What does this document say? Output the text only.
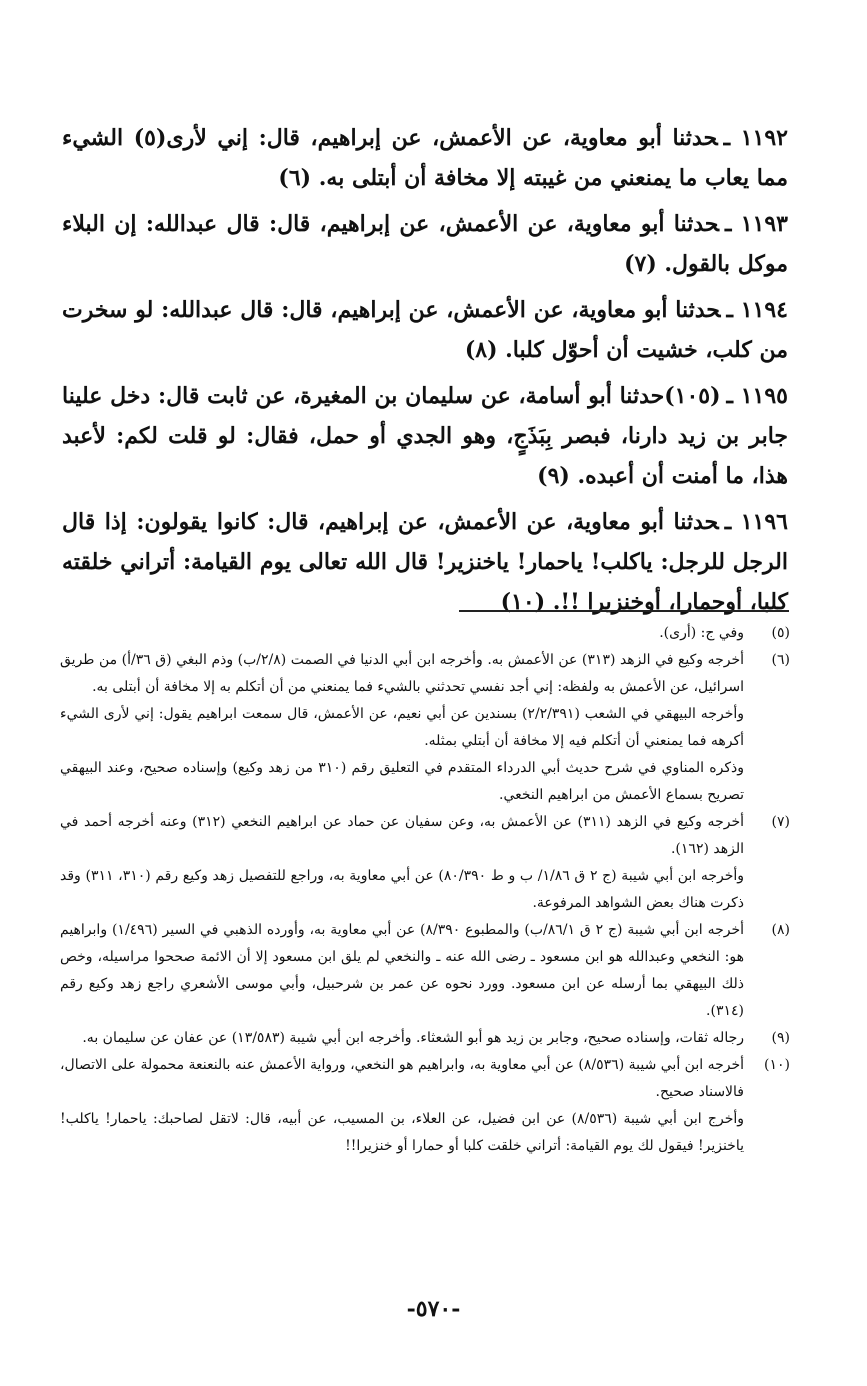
١١٩٢ ـحدثنا أبو معاوية، عن الأعمش، عن إبراهيم، قال: إني لأرى(٥) الشيء مما يعاب ما يمنعني من غيبته إلا مخافة أن أبتلى به. (٦)

١١٩٣ ـحدثنا أبو معاوية، عن الأعمش، عن إبراهيم، قال: قال عبدالله: إن البلاء موكل بالقول. (٧)

١١٩٤ ـحدثنا أبو معاوية، عن الأعمش، عن إبراهيم، قال: قال عبدالله: لو سخرت من كلب، خشيت أن أحوّل كلبا. (٨)

١١٩٥ ـ(١٠٥)حدثنا أبو أسامة، عن سليمان بن المغيرة، عن ثابت قال: دخل علينا جابر بن زيد دارنا، فبصر بِبَذَجٍ، وهو الجدي أو حمل، فقال: لو قلت لكم: لأعبد هذا، ما أمنت أن أعبده. (٩)

١١٩٦ ـحدثنا أبو معاوية، عن الأعمش، عن إبراهيم، قال: كانوا يقولون: إذا قال الرجل للرجل: ياكلب! ياحمار! ياخنزير! قال الله تعالى يوم القيامة: أتراني خلقته كلبا، أوحمارا، أوخنزيرا !!. (١٠)

(٥)

وفي ج: (أرى).

(٦)

أخرجه وكيع في الزهد (٣١٣) عن الأعمش به. وأخرجه ابن أبي الدنيا في الصمت (٢/٨/ب) وذم البغي (ق ٣٦/أ) من طريق اسرائيل، عن الأعمش به ولفظه: إني أجد نفسي تحدثني بالشيء فما يمنعني من أن أتكلم به إلا مخافة أن أبتلى به.

وأخرجه البيهقي في الشعب (٢/٢/٣٩١) بسندين عن أبي نعيم، عن الأعمش، قال سمعت ابراهيم يقول: إني لأرى الشيء أكرهه فما يمنعني أن أتكلم فيه إلا مخافة أن أبتلي بمثله.

وذكره المناوي في شرح حديث أبي الدرداء المتقدم في التعليق رقم (٣١٠ من زهد وكيع) وإسناده صحيح، وعند البيهقي تصريح بسماع الأعمش من ابراهيم النخعي.

(٧)

أخرجه وكيع في الزهد (٣١١) عن الأعمش به، وعن سفيان عن حماد عن ابراهيم النخعي (٣١٢) وعنه أخرجه أحمد في الزهد (١٦٢).

وأخرجه ابن أبي شيبة (ج ٢ ق ١/٨٦/ ب و ط ٨٠/٣٩٠) عن أبي معاوية به، وراجع للتفصيل زهد وكيع رقم (٣١٠، ٣١١) وقد ذكرت هناك بعض الشواهد المرفوعة.

(٨)

أخرجه ابن أبي شيبة (ج ٢ ق ٨٦/١/ب) والمطبوع ٨/٣٩٠) عن أبي معاوية به، وأورده الذهبي في السير (١/٤٩٦) وابراهيم هو: النخعي وعبدالله هو ابن مسعود ـ رضى الله عنه ـ والنخعي لم يلق ابن مسعود إلا أن الائمة صححوا مراسيله، وخص ذلك البيهقي بما أرسله عن ابن مسعود. وورد نحوه عن عمر بن شرحبيل، وأبي موسى الأشعري راجع زهد وكيع رقم (٣١٤).

(٩)

رجاله ثقات، وإسناده صحيح، وجابر بن زيد هو أبو الشعثاء. وأخرجه ابن أبي شيبة (١٣/٥٨٣) عن عفان عن سليمان به.

(١٠)

أخرجه ابن أبي شيبة (٨/٥٣٦) عن أبي معاوية به، وابراهيم هو النخعي، ورواية الأعمش عنه بالنعنعة محمولة على الاتصال، فالاسناد صحيح.

وأخرج ابن أبي شيبة (٨/٥٣٦) عن ابن فضيل، عن العلاء، بن المسيب، عن أبيه، قال: لاتقل لصاحبك: ياحمار! ياكلب! ياخنزير! فيقول لك يوم القيامة: أتراني خلقت كلبا أو حمارا أو خنزيرا!!

-٥٧٠-
